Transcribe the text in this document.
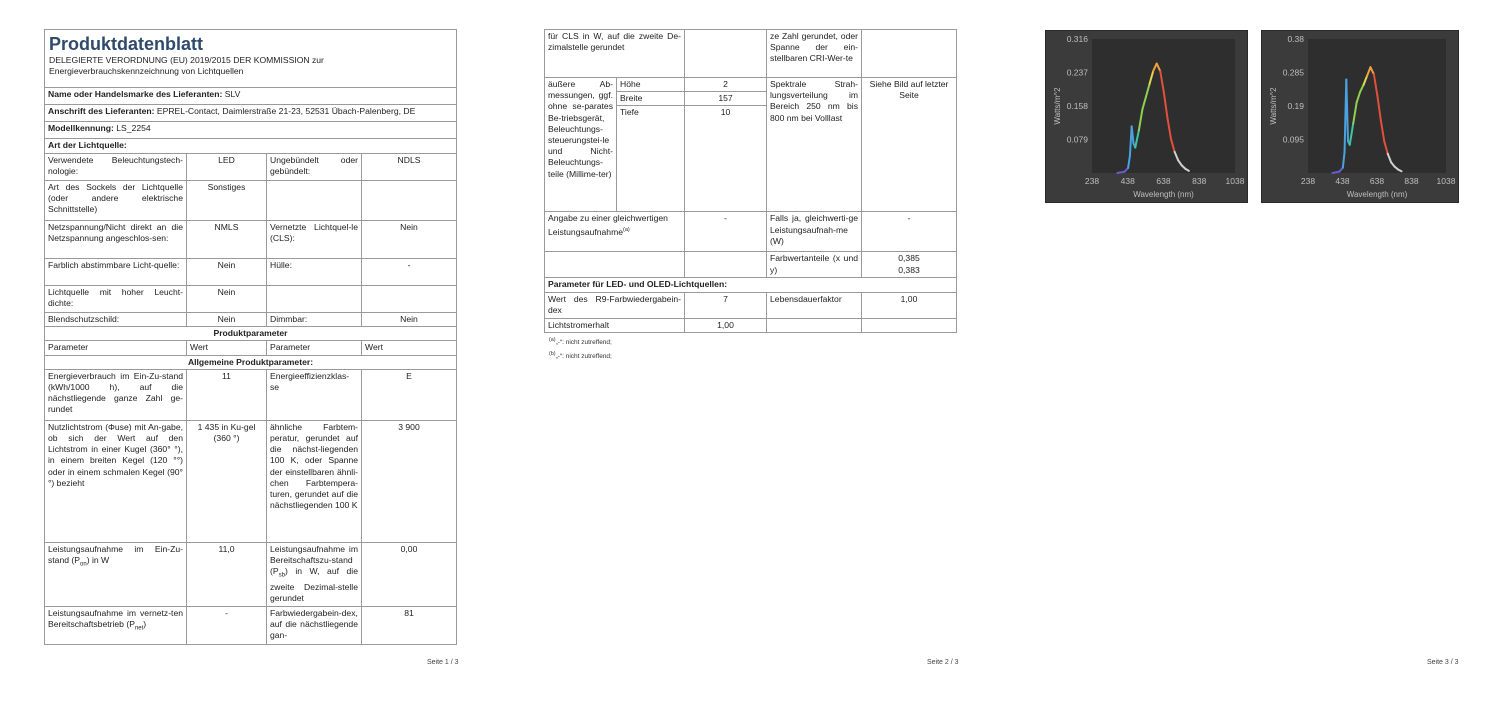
Produktdatenblatt
DELEGIERTE VERORDNUNG (EU) 2019/2015 DER KOMMISSION zur Energieverbrauchskennzeichnung von Lichtquellen			

Name oder Handelsmarke des Lieferanten: SLV			
Anschrift des Lieferanten: EPREL-Contact, Daimlerstraße 21-23, 52531 Übach-Palenberg, DE			
Modellkennung: LS_2254			
Art der Lichtquelle:			
Verwendete Beleuchtungstech-nologie:	LED	Ungebündelt oder gebündelt:	NDLS
Art des Sockels der Lichtquelle (oder andere elektrische Schnittstelle)	Sonstiges		
Netzspannung/Nicht direkt an die Netzspannung angeschlos-sen:	NMLS	Vernetzte Lichtquel-le (CLS):	Nein
Farblich abstimmbare Licht-quelle:	Nein	Hülle:	-
Lichtquelle mit hoher Leucht-dichte:	Nein		
Blendschutzschild:	Nein	Dimmbar:	Nein
Produktparameter			
Parameter	Wert	Parameter	Wert
Allgemeine Produktparameter:			
Energieverbrauch im Ein-Zu-stand (kWh/1000 h), auf die nächstliegende ganze Zahl ge-rundet	11	Energieeffizienzklas-se	E
Nutzlichtstrom (Φuse) mit An-gabe, ob sich der Wert auf den Lichtstrom in einer Kugel (360° °), in einem breiten Kegel (120 °°) oder in einem schmalen Kegel (90° °) bezieht	1 435 in Ku-gel (360 °)	ähnliche Farbtem-peratur, gerundet auf die nächst-liegenden 100 K, oder Spanne der einstellbaren ähnli-chen Farbtempera-turen, gerundet auf die nächstliegenden 100 K	3 900
Leistungsaufnahme im Ein-Zu-stand $(P_{on})$ in W	11,0	Leistungsaufnahme im Bereitschaftszu-stand $(P_{sb})$ in W, auf die zweite Dezimal-stelle gerundet	0,00
Leistungsaufnahme im vernetz-ten Bereitschaftsbetrieb $(P_{net})$	-	Farbwiedergabein-dex, auf die nächstliegende gan-	81
Seite 1 / 3
für CLS in W, auf die zweite De-zimalstelle gerundet			ze Zahl gerundet, oder Spanne der ein-stellbaren CRI-Wer-te	
äußere Ab-messungen, ggf. ohne se-parates Be-triebsgerät, Beleuchtungs-steuerungstei-le und Nicht-Beleuchtungs-teile (Millime-ter)	Höhe	2	Spektrale Strah-lungsverteilung im Bereich 250 nm bis 800 nm bei Volllast	Siehe Bild auf letzter Seite
	Breite	157		
	Tiefe	10		
Angabe zu einer gleichwertigen Leistungsaufnahme$^{(a)}$		-	Falls ja, gleichwerti-ge Leistungsaufnah-me (W)	-
			Farbwertanteile (x und y)	0,385
0,383

Parameter für LED- und OLED-Lichtquellen:				
Wert des R9-Farbwiedergabein-dex		7	Lebensdauerfaktor	1,00
Lichtstromerhalt		1,00		
$^{(a)}$„-“: nicht zutreffend;
$^{(b)}$„-“: nicht zutreffend;
Seite 2 / 3
0.079
0.158
0.237
0.316
238	438	638	838 1038
Wavelength (nm)
Watts/m^2
0.095
0.19
0.285
0.38
238 438 638 838 1038
Wavelength (nm)
Watts/m^2
Seite 3 / 3
